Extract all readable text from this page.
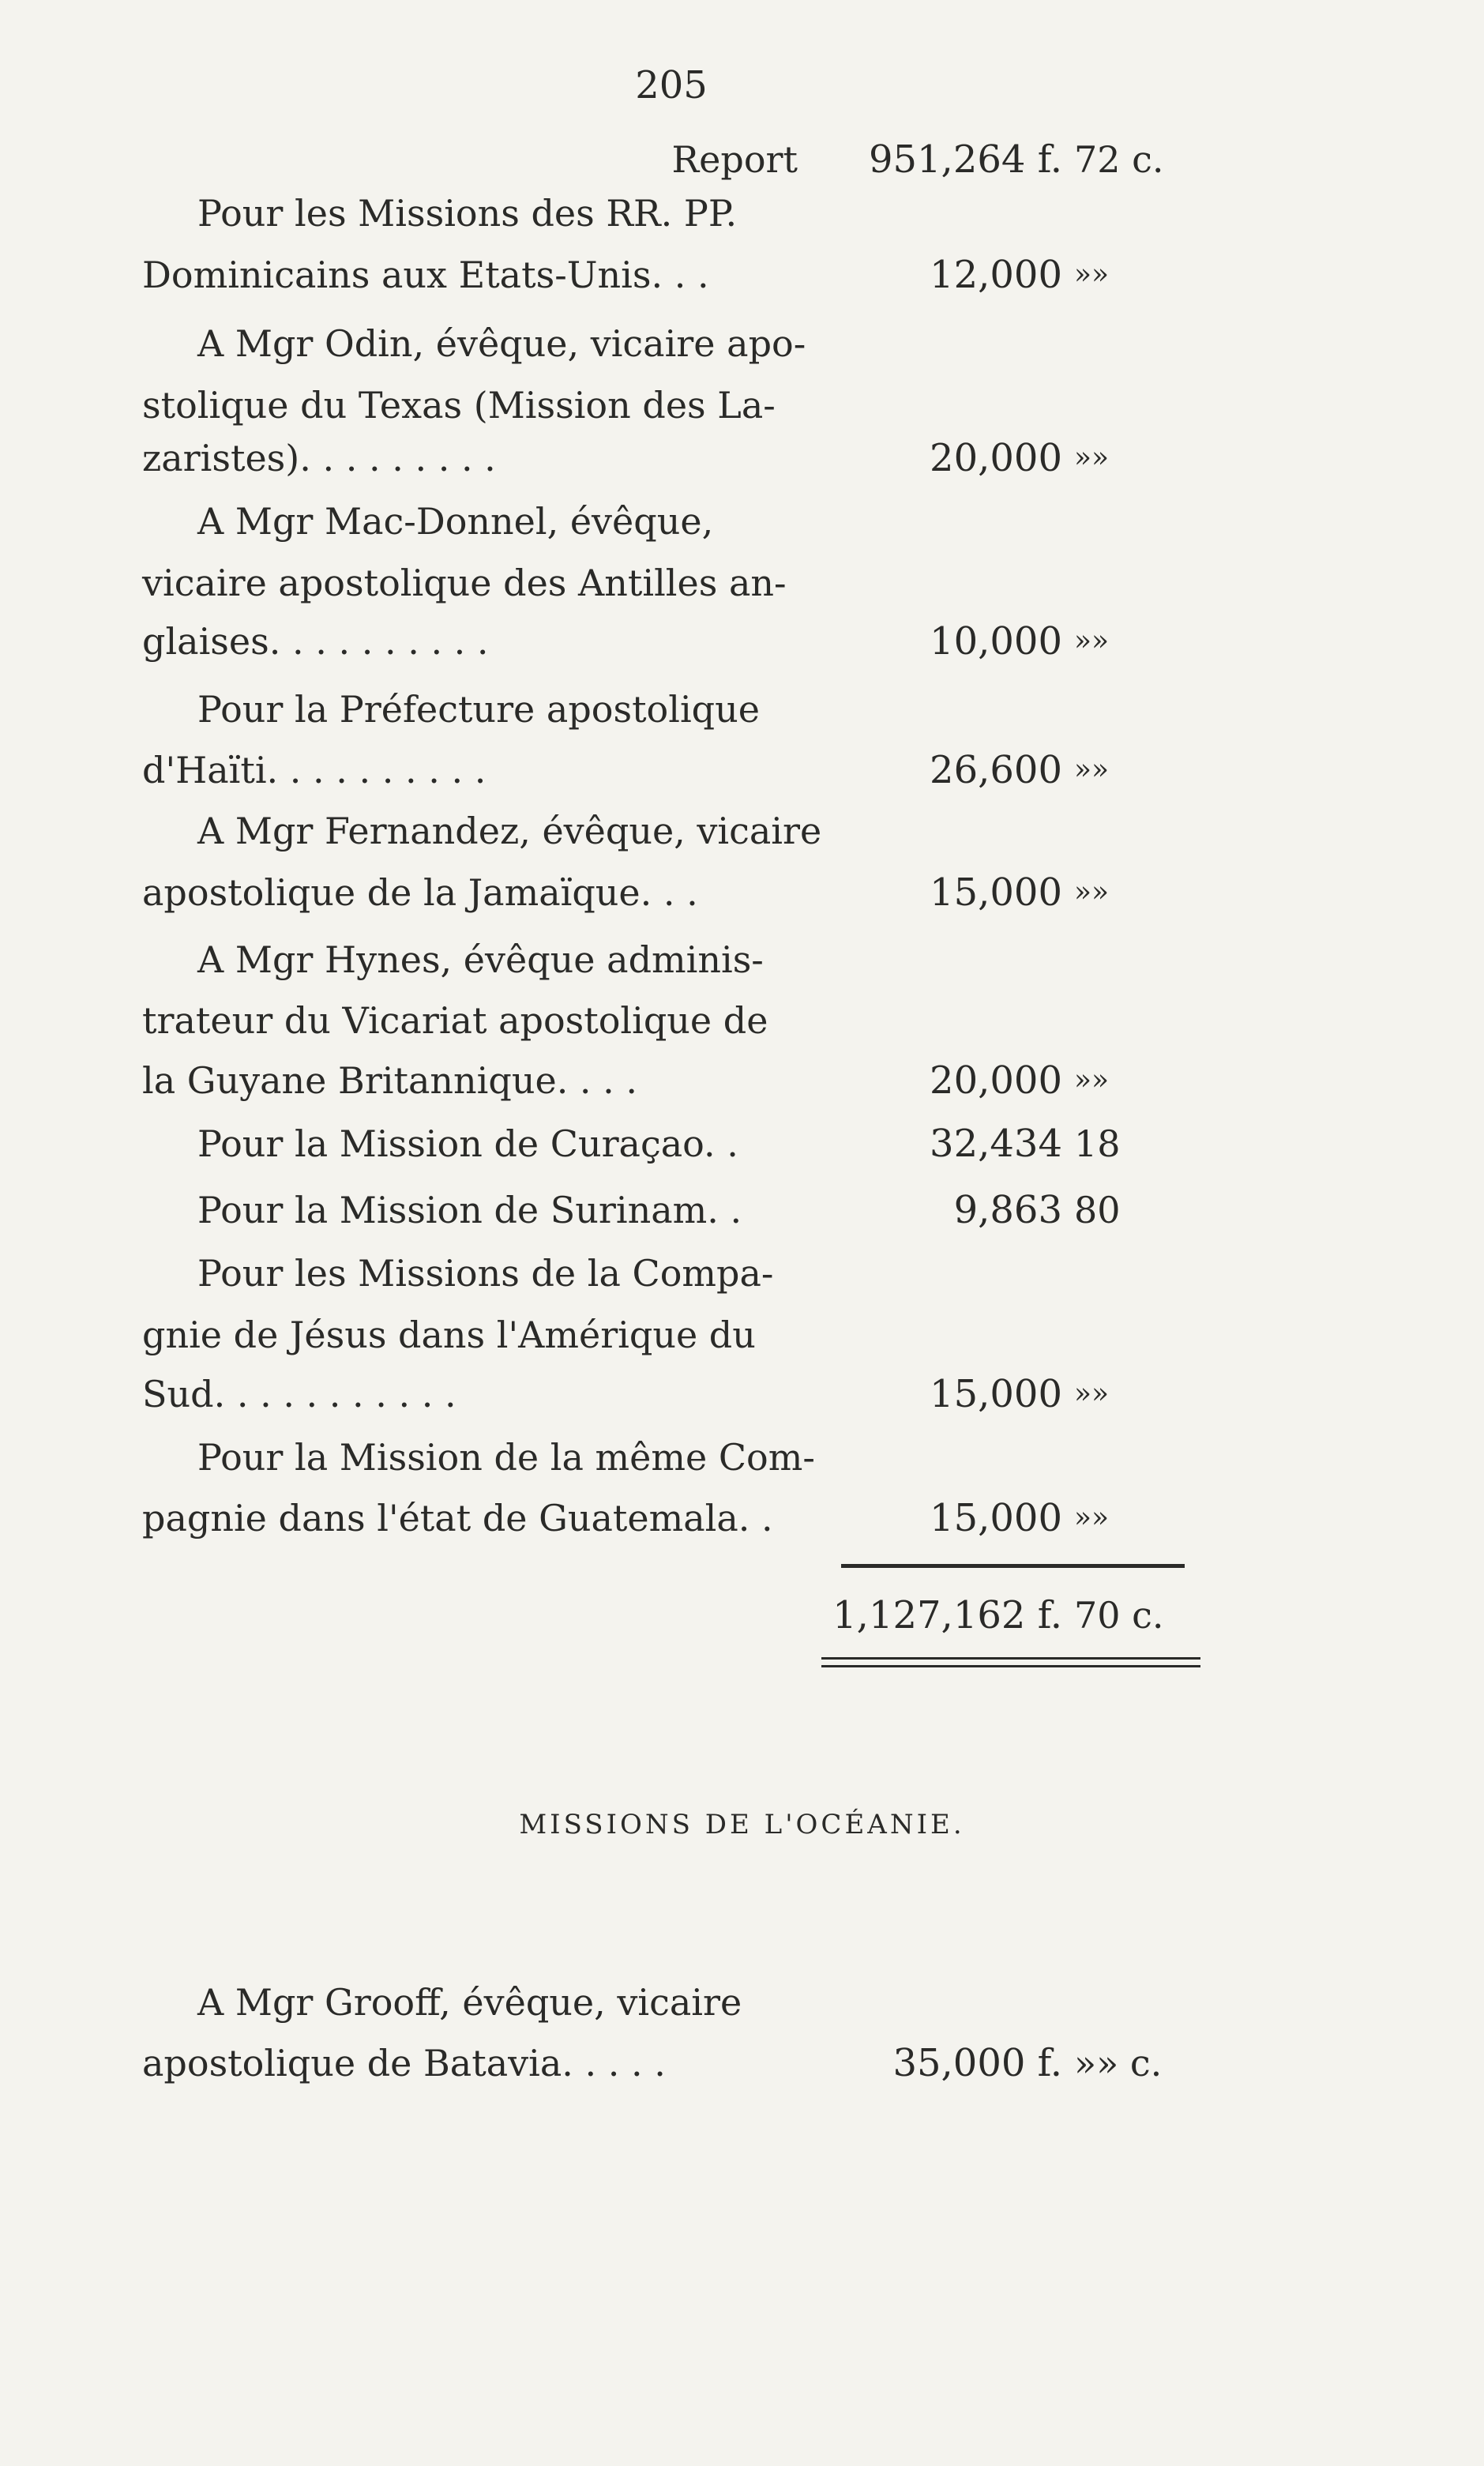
205
Report	951,264 f. 72 c.
Pour les Missions des RR. PP.
Dominicains aux Etats-Unis. . .	12,000 »»
A Mgr Odin, évêque, vicaire apo-
stolique du Texas (Mission des La-
zaristes). . . . . . . . .	20,000 »»
A Mgr Mac-Donnel, évêque,
vicaire apostolique des Antilles an-
glaises. . . . . . . . . .	10,000 »»
Pour la Préfecture apostolique
d'Haïti. . . . . . . . . .	26,600 »»
A Mgr Fernandez, évêque, vicaire
apostolique de la Jamaïque. . .	15,000 »»
A Mgr Hynes, évêque adminis-
trateur du Vicariat apostolique de
la Guyane Britannique. . . .	20,000 »»
Pour la Mission de Curaçao. .	32,434 18
Pour la Mission de Surinam. .	9,863 80
Pour les Missions de la Compa-
gnie de Jésus dans l'Amérique du
Sud. . . . . . . . . . .	15,000 »»
Pour la Mission de la même Com-
pagnie dans l'état de Guatemala. .	15,000 »»
1,127,162 f. 70 c.
MISSIONS DE L'OCÉANIE.
A Mgr Grooff, évêque, vicaire
apostolique de Batavia. . . . .	35,000 f. »» c.
